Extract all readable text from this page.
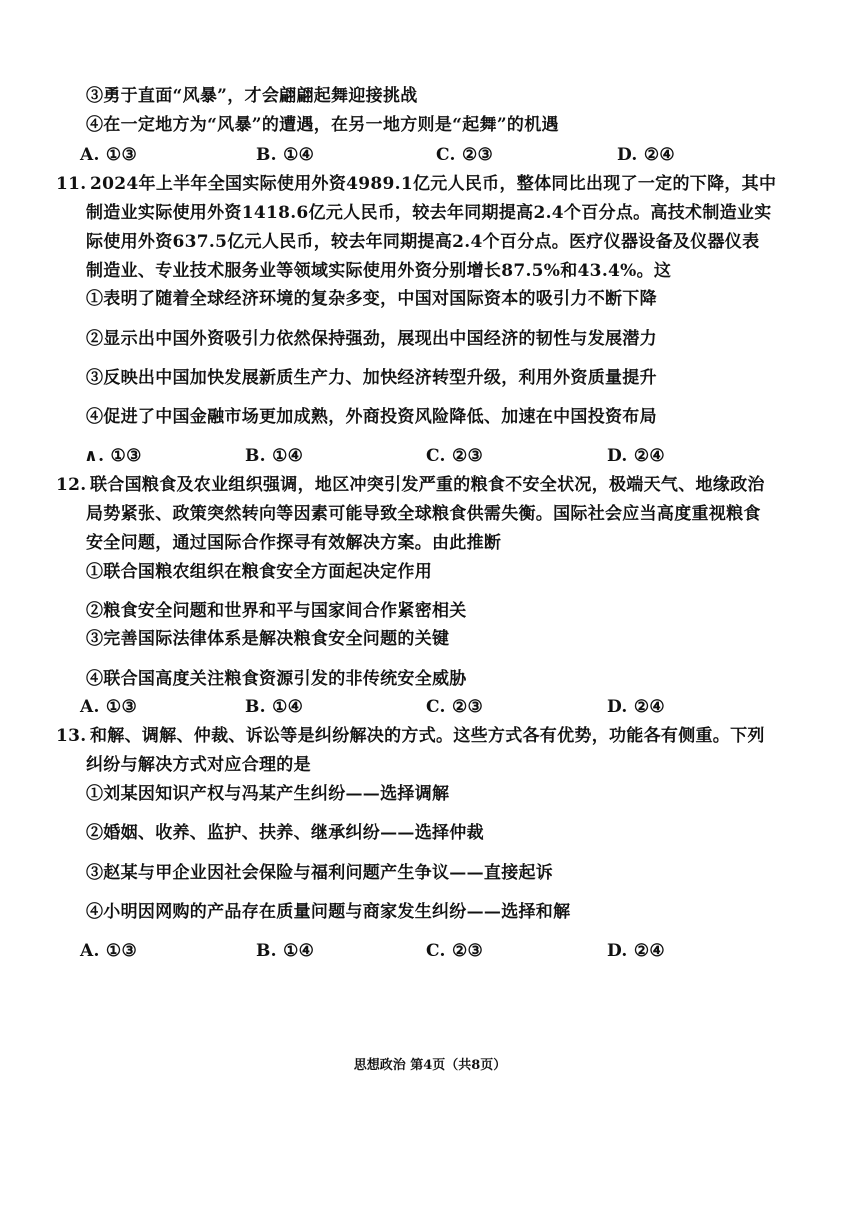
③勇于直面“风暴”，才会翩翩起舞迎接挑战
④在一定地方为“风暴”的遭遇，在另一地方则是“起舞”的机遇
A. ①③	B. ①④	C. ②③	D. ②④
11. 2024年上半年全国实际使用外资4989.1亿元人民币，整体同比出现了一定的下降，其中
制造业实际使用外资1418.6亿元人民币，较去年同期提高2.4个百分点。高技术制造业实
际使用外资637.5亿元人民币，较去年同期提高2.4个百分点。医疗仪器设备及仪器仪表
制造业、专业技术服务业等领域实际使用外资分别增长87.5%和43.4%。这
①表明了随着全球经济环境的复杂多变，中国对国际资本的吸引力不断下降
②显示出中国外资吸引力依然保持强劲，展现出中国经济的韧性与发展潜力
③反映出中国加快发展新质生产力、加快经济转型升级，利用外资质量提升
④促进了中国金融市场更加成熟，外商投资风险降低、加速在中国投资布局
∧. ①③	B. ①④	C. ②③	D. ②④
12. 联合国粮食及农业组织强调，地区冲突引发严重的粮食不安全状况，极端天气、地缘政治
局势紧张、政策突然转向等因素可能导致全球粮食供需失衡。国际社会应当高度重视粮食
安全问题，通过国际合作探寻有效解决方案。由此推断
①联合国粮农组织在粮食安全方面起决定作用
②粮食安全问题和世界和平与国家间合作紧密相关
③完善国际法律体系是解决粮食安全问题的关键
④联合国高度关注粮食资源引发的非传统安全威胁
A. ①③	B. ①④	C. ②③	D. ②④
13. 和解、调解、仲裁、诉讼等是纠纷解决的方式。这些方式各有优势，功能各有侧重。下列
纠纷与解决方式对应合理的是
①刘某因知识产权与冯某产生纠纷——选择调解
②婚姻、收养、监护、扶养、继承纠纷——选择仲裁
③赵某与甲企业因社会保险与福利问题产生争议——直接起诉
④小明因网购的产品存在质量问题与商家发生纠纷——选择和解
A. ①③	B. ①④	C. ②③	D. ②④
思想政治 第4页（共8页）
